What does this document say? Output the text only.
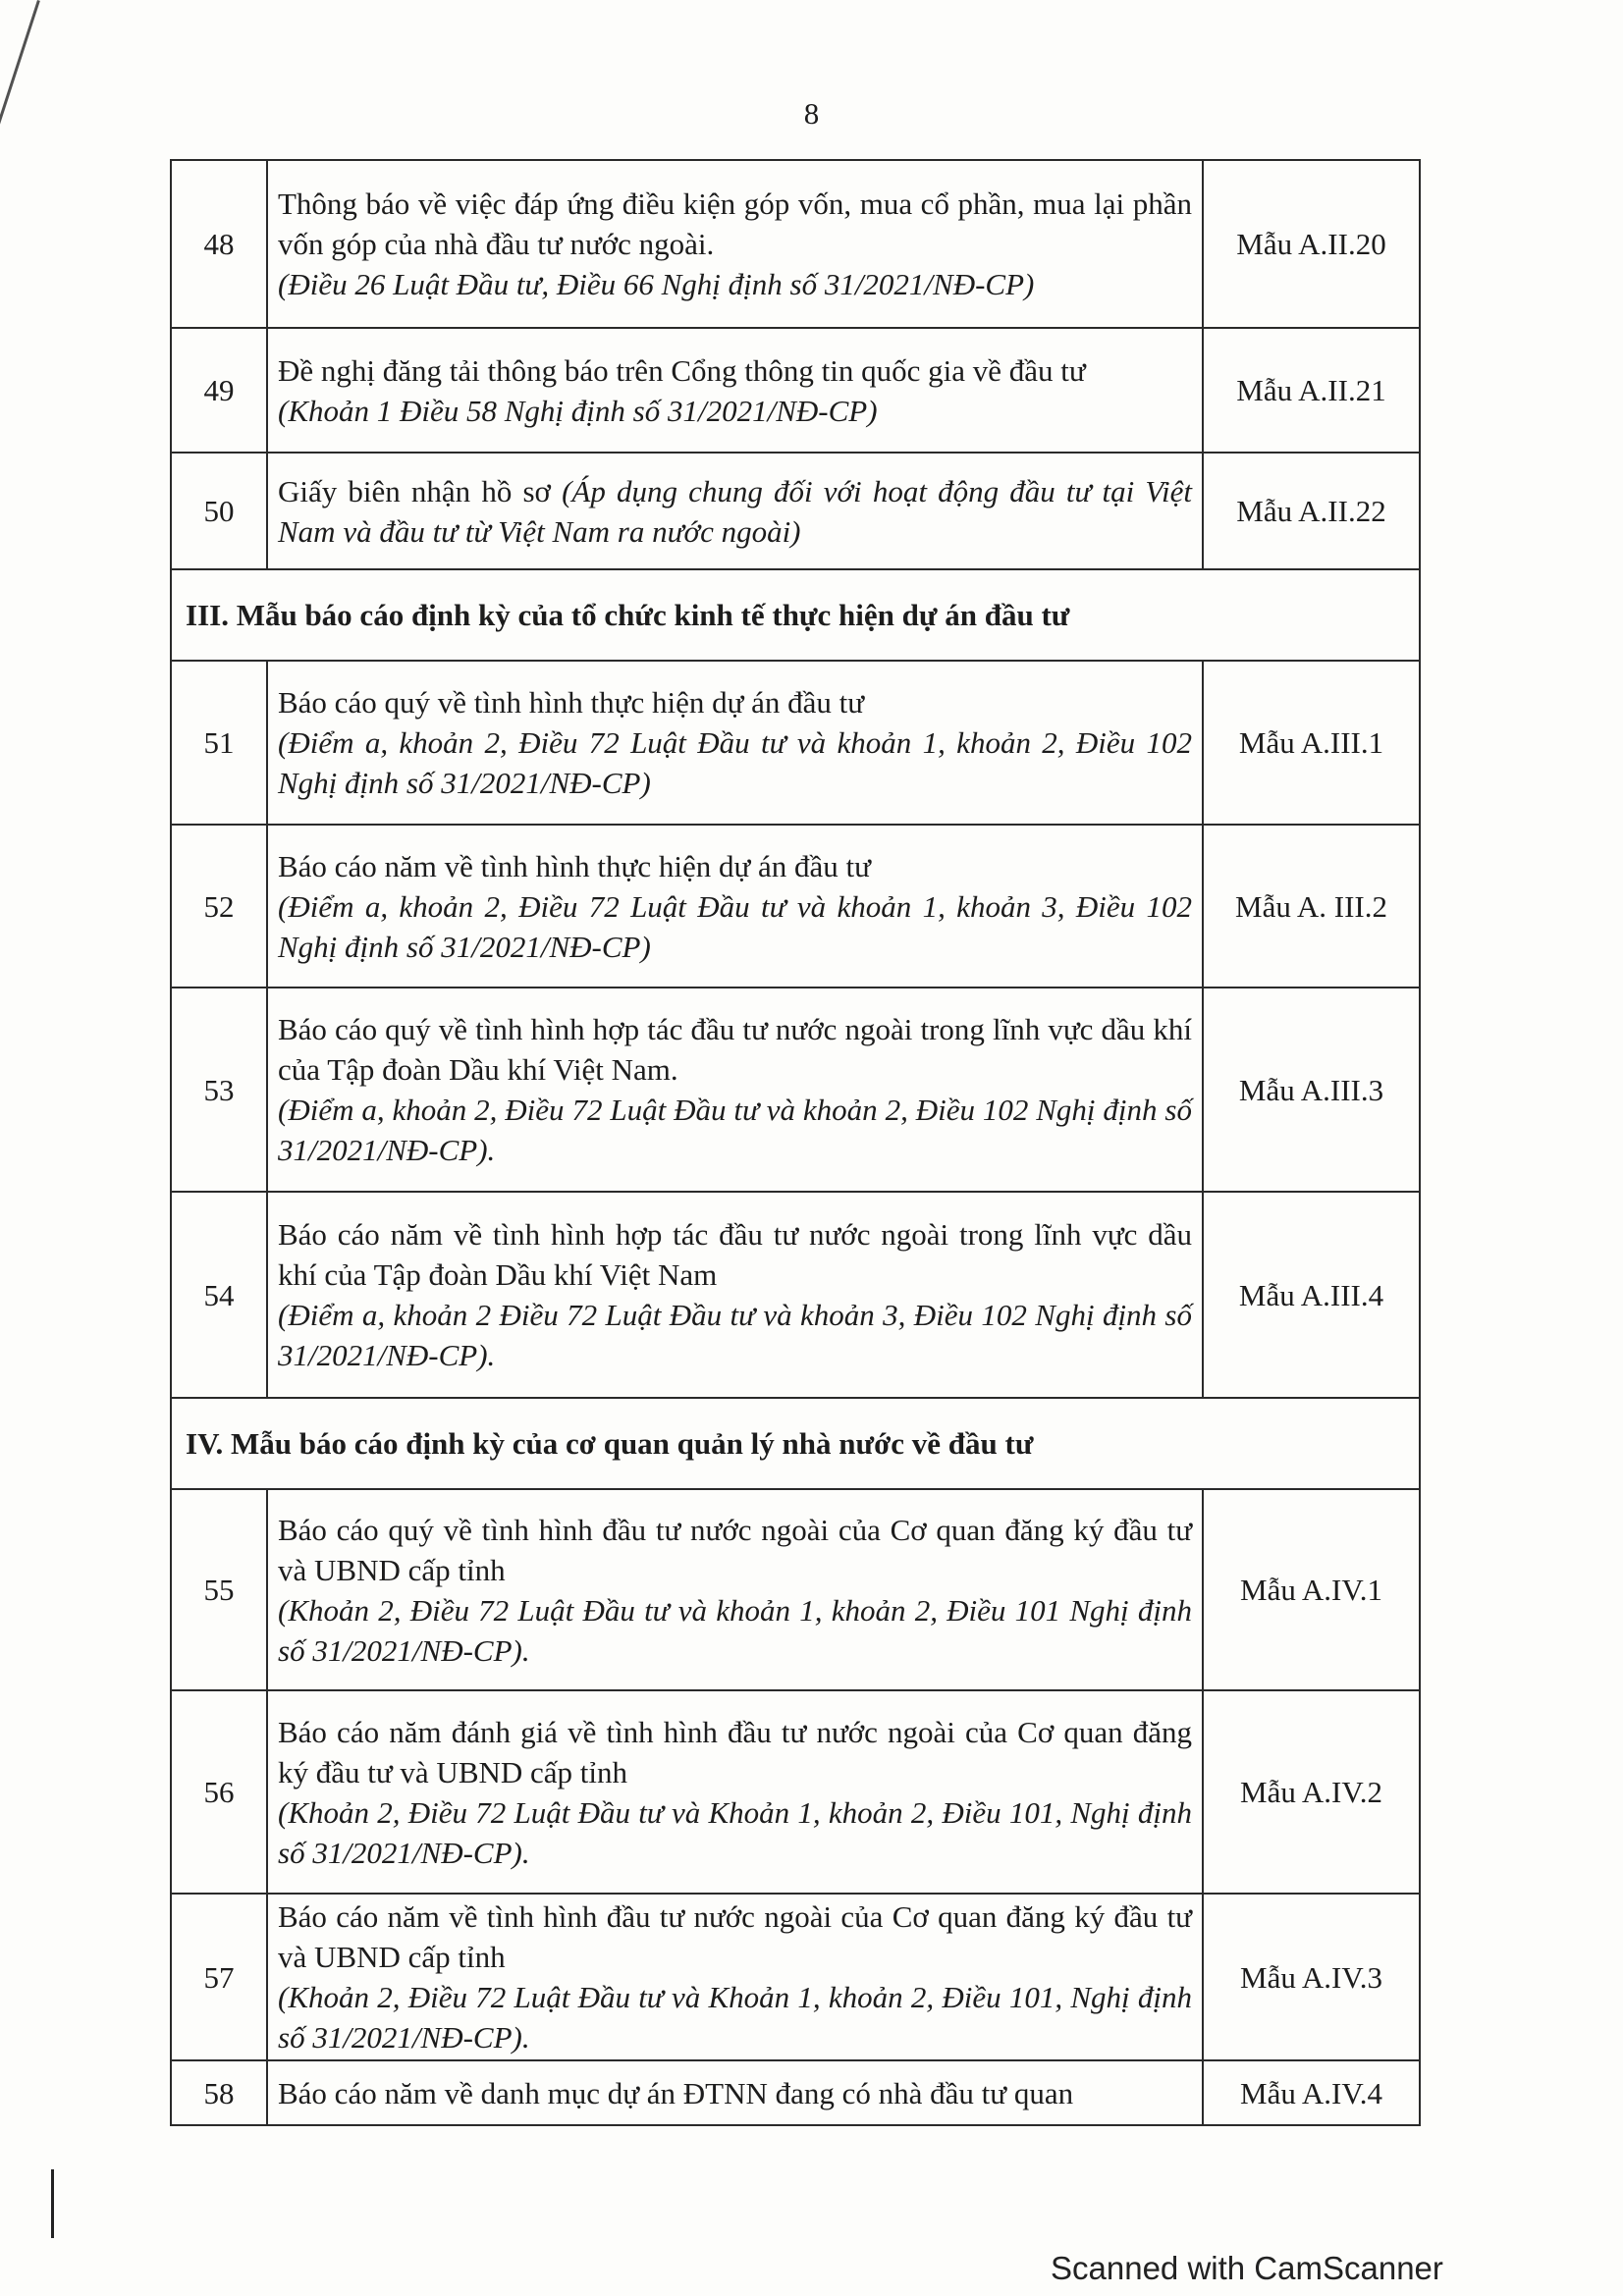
8
48	Thông báo về việc đáp ứng điều kiện góp vốn, mua cổ phần, mua lại phần vốn góp của nhà đầu tư nước ngoài.
(Điều 26 Luật Đầu tư, Điều 66 Nghị định số 31/2021/NĐ-CP)	Mẫu A.II.20
49	Đề nghị đăng tải thông báo trên Cổng thông tin quốc gia về đầu tư
(Khoản 1 Điều 58 Nghị định số 31/2021/NĐ-CP)	Mẫu A.II.21
50	Giấy biên nhận hồ sơ (Áp dụng chung đối với hoạt động đầu tư tại Việt Nam và đầu tư từ Việt Nam ra nước ngoài)	Mẫu A.II.22
III. Mẫu báo cáo định kỳ của tổ chức kinh tế thực hiện dự án đầu tư		
51	Báo cáo quý về tình hình thực hiện dự án đầu tư
(Điểm a, khoản 2, Điều 72 Luật Đầu tư và khoản 1, khoản 2, Điều 102 Nghị định số 31/2021/NĐ-CP)	Mẫu A.III.1
52	Báo cáo năm về tình hình thực hiện dự án đầu tư
(Điểm a, khoản 2, Điều 72 Luật Đầu tư và khoản 1, khoản 3, Điều 102 Nghị định số 31/2021/NĐ-CP)	Mẫu A. III.2
53	Báo cáo quý về tình hình hợp tác đầu tư nước ngoài trong lĩnh vực dầu khí của Tập đoàn Dầu khí Việt Nam.
(Điểm a, khoản 2, Điều 72 Luật Đầu tư và khoản 2, Điều 102 Nghị định số 31/2021/NĐ-CP).	Mẫu A.III.3
54	Báo cáo năm về tình hình hợp tác đầu tư nước ngoài trong lĩnh vực dầu khí của Tập đoàn Dầu khí Việt Nam
(Điểm a, khoản 2 Điều 72 Luật Đầu tư và khoản 3, Điều 102 Nghị định số 31/2021/NĐ-CP).	Mẫu A.III.4
IV. Mẫu báo cáo định kỳ của cơ quan quản lý nhà nước về đầu tư		
55	Báo cáo quý về tình hình đầu tư nước ngoài của Cơ quan đăng ký đầu tư và UBND cấp tỉnh
(Khoản 2, Điều 72 Luật Đầu tư và khoản 1, khoản 2, Điều 101 Nghị định số 31/2021/NĐ-CP).	Mẫu A.IV.1
56	Báo cáo năm đánh giá về tình hình đầu tư nước ngoài của Cơ quan đăng ký đầu tư và UBND cấp tỉnh
(Khoản 2, Điều 72 Luật Đầu tư và Khoản 1, khoản 2, Điều 101, Nghị định số 31/2021/NĐ-CP).	Mẫu A.IV.2
57	Báo cáo năm về tình hình đầu tư nước ngoài của Cơ quan đăng ký đầu tư và UBND cấp tỉnh
(Khoản 2, Điều 72 Luật Đầu tư và Khoản 1, khoản 2, Điều 101, Nghị định số 31/2021/NĐ-CP).	Mẫu A.IV.3
58	Báo cáo năm về danh mục dự án ĐTNN đang có nhà đầu tư quan	Mẫu A.IV.4
Scanned with CamScanner
